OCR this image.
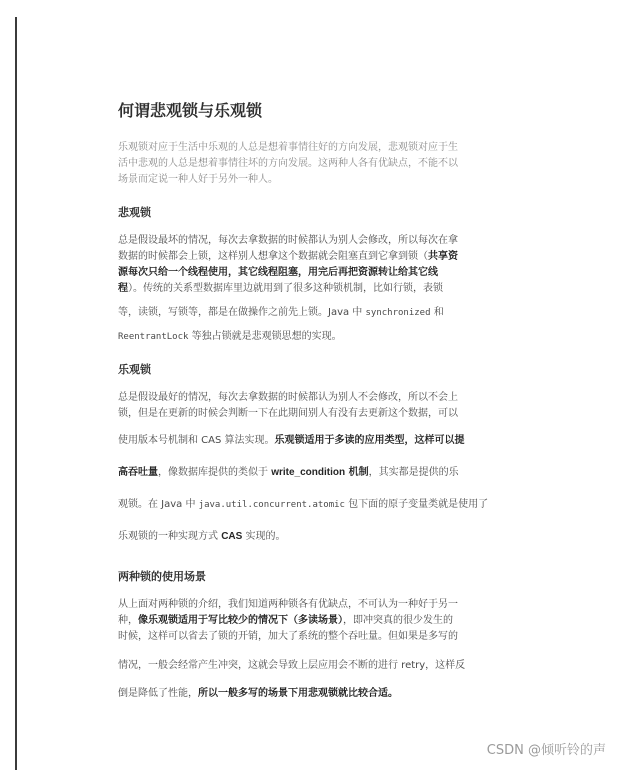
何谓悲观锁与乐观锁
乐观锁对应于生活中乐观的人总是想着事情往好的方向发展，悲观锁对应于生
活中悲观的人总是想着事情往坏的方向发展。这两种人各有优缺点，不能不以
场景而定说一种人好于另外一种人。
悲观锁

总是假设最坏的情况，每次去拿数据的时候都认为别人会修改，所以每次在拿

数据的时候都会上锁，这样别人想拿这个数据就会阻塞直到它拿到锁（共享资

源每次只给一个线程使用，其它线程阻塞，用完后再把资源转让给其它线

程）。传统的关系型数据库里边就用到了很多这种锁机制，比如行锁，表锁

等，读锁，写锁等，都是在做操作之前先上锁。Java 中 synchronized 和

ReentrantLock 等独占锁就是悲观锁思想的实现。

乐观锁

总是假设最好的情况，每次去拿数据的时候都认为别人不会修改，所以不会上

锁，但是在更新的时候会判断一下在此期间别人有没有去更新这个数据，可以

使用版本号机制和 CAS 算法实现。乐观锁适用于多读的应用类型，这样可以提

高吞吐量，像数据库提供的类似于 write_condition 机制，其实都是提供的乐

观锁。在 Java 中 java.util.concurrent.atomic 包下面的原子变量类就是使用了

乐观锁的一种实现方式 CAS 实现的。

两种锁的使用场景

从上面对两种锁的介绍，我们知道两种锁各有优缺点，不可认为一种好于另一

种，像乐观锁适用于写比较少的情况下（多读场景），即冲突真的很少发生的

时候，这样可以省去了锁的开销，加大了系统的整个吞吐量。但如果是多写的

情况，一般会经常产生冲突，这就会导致上层应用会不断的进行 retry，这样反

倒是降低了性能，所以一般多写的场景下用悲观锁就比较合适。

CSDN @倾听铃的声
